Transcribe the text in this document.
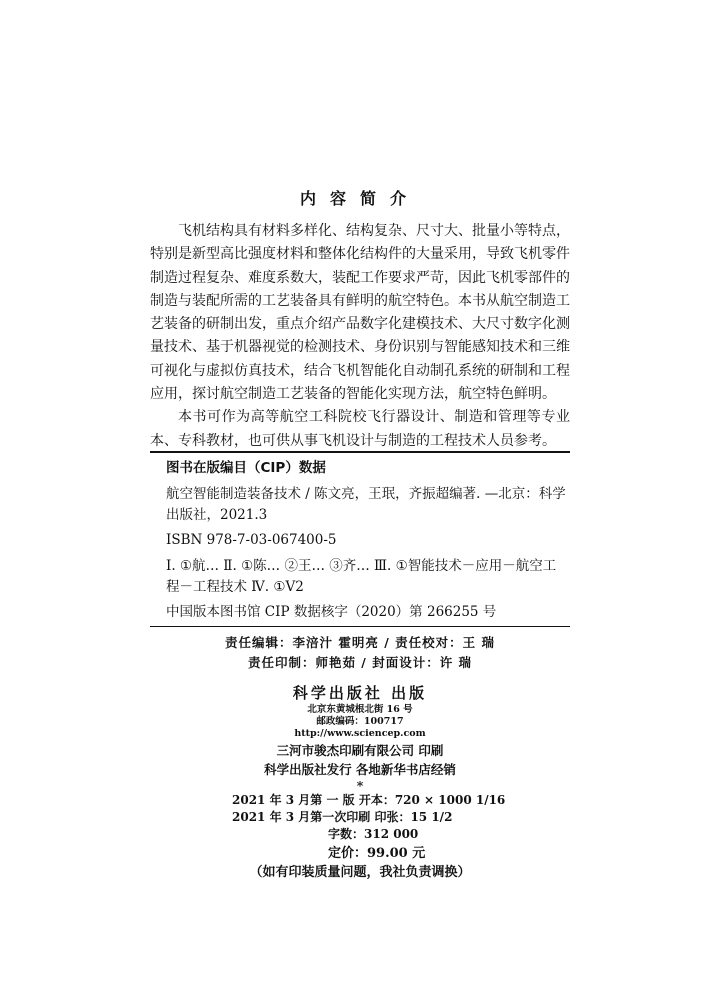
内容简介

飞机结构具有材料多样化、结构复杂、尺寸大、批量小等特点，特别是新型高比强度材料和整体化结构件的大量采用，导致飞机零件制造过程复杂、难度系数大，装配工作要求严苛，因此飞机零部件的制造与装配所需的工艺装备具有鲜明的航空特色。本书从航空制造工艺装备的研制出发，重点介绍产品数字化建模技术、大尺寸数字化测量技术、基于机器视觉的检测技术、身份识别与智能感知技术和三维可视化与虚拟仿真技术，结合飞机智能化自动制孔系统的研制和工程应用，探讨航空制造工艺装备的智能化实现方法，航空特色鲜明。

本书可作为高等航空工科院校飞行器设计、制造和管理等专业本、专科教材，也可供从事飞机设计与制造的工程技术人员参考。

图书在版编目（CIP）数据
航空智能制造装备技术 / 陈文亮，王珉，齐振超编著. —北京：科学出版社，2021.3
ISBN 978-7-03-067400-5
Ⅰ. ①航… Ⅱ. ①陈… ②王… ③齐… Ⅲ. ①智能技术－应用－航空工程－工程技术 Ⅳ. ①V2
中国版本图书馆 CIP 数据核字（2020）第 266255 号
责任编辑：李涪汁 霍明亮 / 责任校对：王 瑞
责任印制：师艳茹 / 封面设计：许 瑞
科学出版社 出版
北京东黄城根北街 16 号
邮政编码：100717
http://www.sciencep.com
三河市骏杰印刷有限公司 印刷
科学出版社发行 各地新华书店经销
*
2021 年 3 月第 一 版 开本：720 × 1000 1/16
2021 年 3 月第一次印刷 印张：15 1/2
字数：312 000
定价：99.00 元
（如有印装质量问题，我社负责调换）
